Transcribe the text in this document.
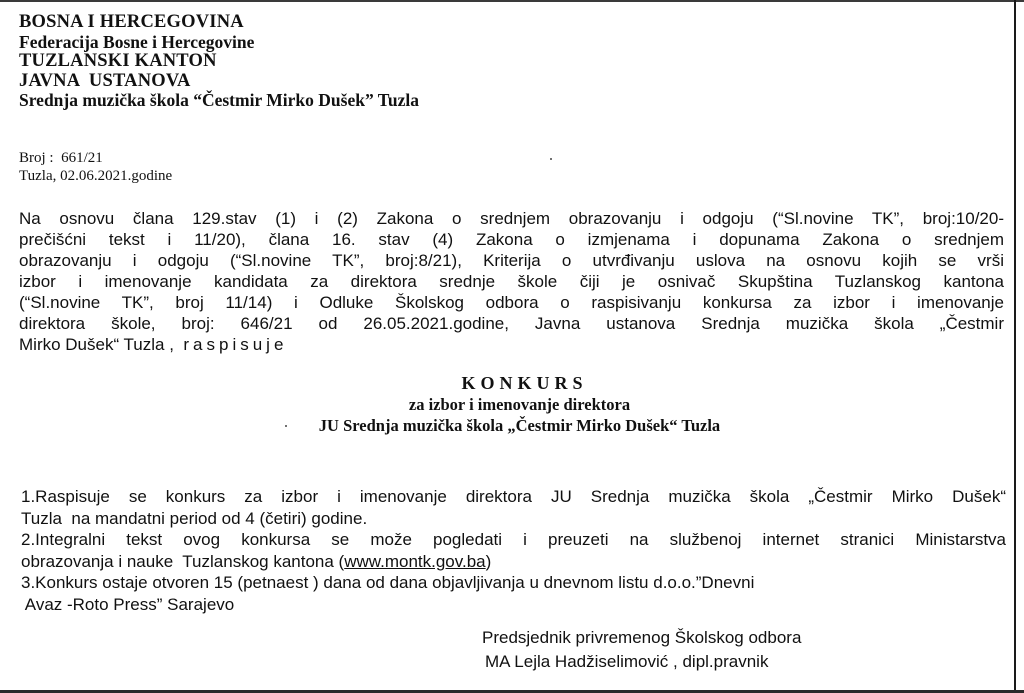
BOSNA I HERCEGOVINA
Federacija Bosne i Hercegovine
TUZLANSKI KANTON
JAVNA  USTANOVA
Srednja muzička škola “Čestmir Mirko Dušek” Tuzla
Broj :  661/21
Tuzla, 02.06.2021.godine
Na osnovu člana 129.stav (1) i (2) Zakona o srednjem obrazovanju i odgoju (“Sl.novine TK”, broj:10/20-
prečišćni tekst i 11/20), člana 16. stav (4) Zakona o izmjenama i dopunama Zakona o srednjem
obrazovanju i odgoju (“Sl.novine TK”, broj:8/21), Kriterija o utvrđivanju uslova na osnovu kojih se vrši
izbor i imenovanje kandidata za direktora srednje škole čiji je osnivač Skupština Tuzlanskog kantona
(“Sl.novine TK”, broj 11/14) i Odluke Školskog odbora o raspisivanju konkursa za izbor i imenovanje
direktora škole, broj: 646/21 od 26.05.2021.godine, Javna ustanova Srednja muzička škola „Čestmir
Mirko Dušek“ Tuzla ,  raspisuje
KONKURS
za izbor i imenovanje direktora
JU Srednja muzička škola „Čestmir Mirko Dušek“ Tuzla
1.Raspisuje se konkurs za izbor i imenovanje direktora JU Srednja muzička škola „Čestmir Mirko Dušek“
Tuzla  na mandatni period od 4 (četiri) godine.
2.Integralni tekst ovog konkursa se može pogledati i preuzeti na službenoj internet stranici Ministarstva
obrazovanja i nauke  Tuzlanskog kantona (www.montk.gov.ba)
3.Konkurs ostaje otvoren 15 (petnaest ) dana od dana objavljivanja u dnevnom listu d.o.o.”Dnevni
Avaz -Roto Press” Sarajevo
Predsjednik privremenog Školskog odbora
MA Lejla Hadžiselimović , dipl.pravnik
